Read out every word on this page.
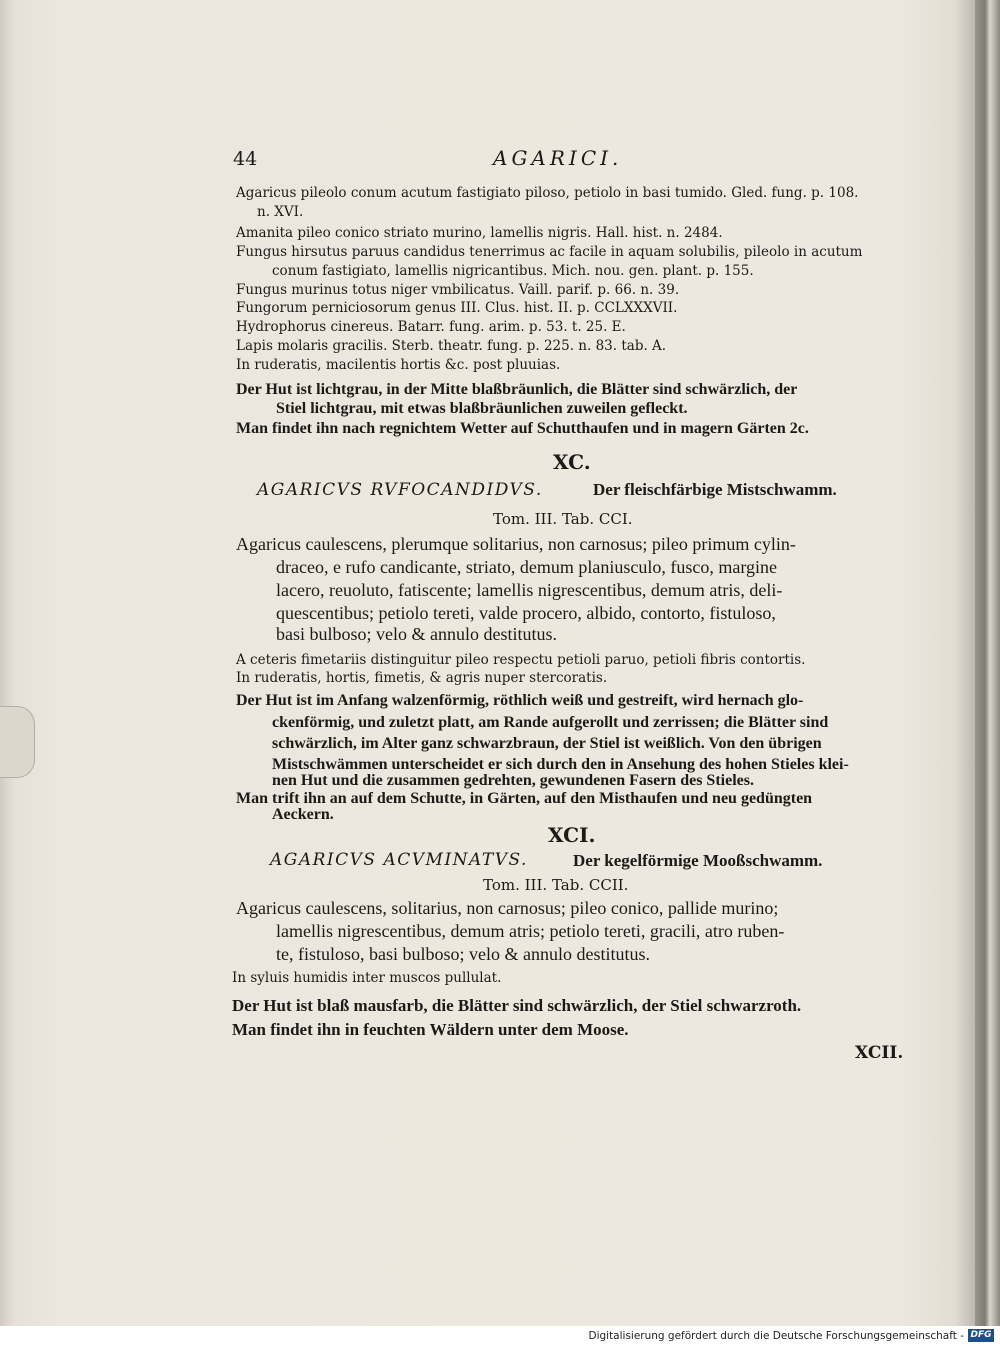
44	AGARICI.
Agaricus pileolo conum acutum fastigiato piloso, petiolo in basi tumido. Gled. fung. p. 108.
n. XVI.
Amanita pileo conico striato murino, lamellis nigris. Hall. hist. n. 2484.
Fungus hirsutus paruus candidus tenerrimus ac facile in aquam solubilis, pileolo in acutum
conum fastigiato, lamellis nigricantibus. Mich. nou. gen. plant. p. 155.
Fungus murinus totus niger vmbilicatus. Vaill. parif. p. 66. n. 39.
Fungorum perniciosorum genus III. Clus. hist. II. p. CCLXXXVII.
Hydrophorus cinereus. Batarr. fung. arim. p. 53. t. 25. E.
Lapis molaris gracilis. Sterb. theatr. fung. p. 225. n. 83. tab. A.
In ruderatis, macilentis hortis &c. post pluuias.
Der Hut ist lichtgrau, in der Mitte blaßbräunlich, die Blätter sind schwärzlich, der
Stiel lichtgrau, mit etwas blaßbräunlichen zuweilen gefleckt.
Man findet ihn nach regnichtem Wetter auf Schutthaufen und in magern Gärten 2c.
XC.
AGARICVS RVFOCANDIDVS.	Der fleischfärbige Mistschwamm.
Tom. III. Tab. CCI.
Agaricus caulescens, plerumque solitarius, non carnosus; pileo primum cylin-
draceo, e rufo candicante, striato, demum planiusculo, fusco, margine
lacero, reuoluto, fatiscente; lamellis nigrescentibus, demum atris, deli-
quescentibus; petiolo tereti, valde procero, albido, contorto, fistuloso,
basi bulboso; velo & annulo destitutus.
A ceteris fimetariis distinguitur pileo respectu petioli paruo, petioli fibris contortis.
In ruderatis, hortis, fimetis, & agris nuper stercoratis.
Der Hut ist im Anfang walzenförmig, röthlich weiß und gestreift, wird hernach glo-
ckenförmig, und zuletzt platt, am Rande aufgerollt und zerrissen; die Blätter sind
schwärzlich, im Alter ganz schwarzbraun, der Stiel ist weißlich. Von den übrigen
Mistschwämmen unterscheidet er sich durch den in Ansehung des hohen Stieles klei-
nen Hut und die zusammen gedrehten, gewundenen Fasern des Stieles.
Man trift ihn an auf dem Schutte, in Gärten, auf den Misthaufen und neu gedüngten
Aeckern.
XCI.
AGARICVS ACVMINATVS.	Der kegelförmige Mooßschwamm.
Tom. III. Tab. CCII.
Agaricus caulescens, solitarius, non carnosus; pileo conico, pallide murino;
lamellis nigrescentibus, demum atris; petiolo tereti, gracili, atro ruben-
te, fistuloso, basi bulboso; velo & annulo destitutus.
In syluis humidis inter muscos pullulat.
Der Hut ist blaß mausfarb, die Blätter sind schwärzlich, der Stiel schwarzroth.
Man findet ihn in feuchten Wäldern unter dem Moose.
XCII.
Digitalisierung gefördert durch die Deutsche Forschungsgemeinschaft - DFG
